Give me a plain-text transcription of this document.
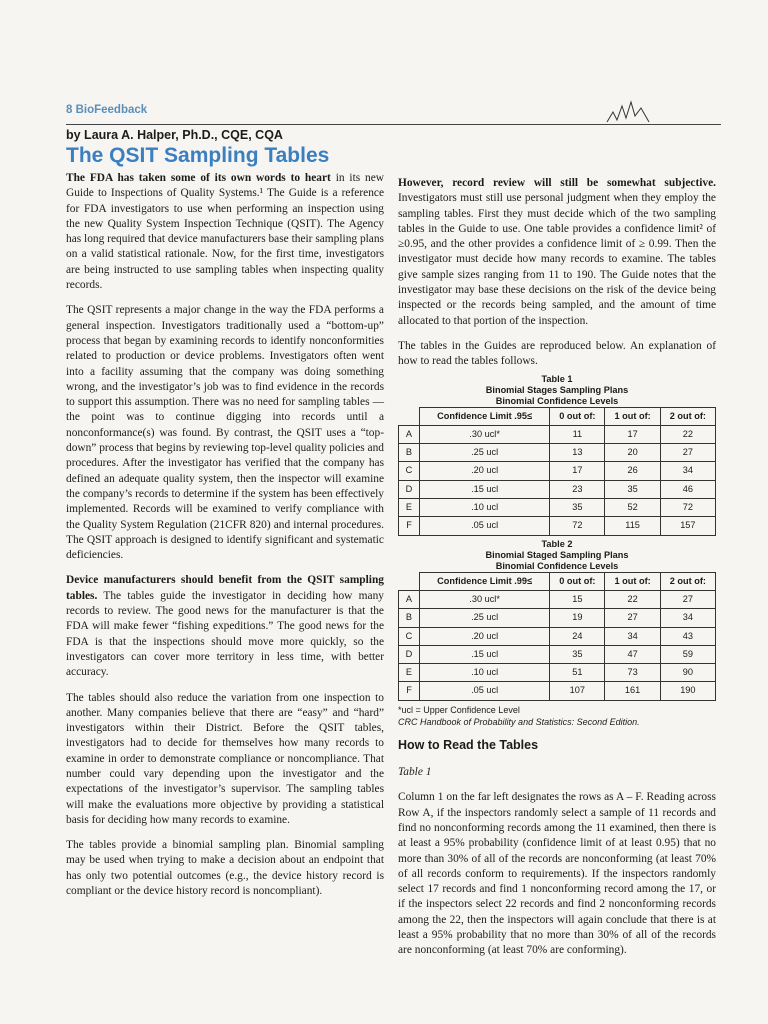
8 BioFeedback
by Laura A. Halper, Ph.D., CQE, CQA
The QSIT Sampling Tables

The FDA has taken some of its own words to heart in its new Guide to Inspections of Quality Systems.¹ The Guide is a reference for FDA investigators to use when performing an inspection using the new Quality System Inspection Technique (QSIT). The Agency has long required that device manufacturers base their sampling plans on a valid statistical rationale. Now, for the first time, investigators are being instructed to use sampling tables when inspecting quality records.

The QSIT represents a major change in the way the FDA performs a general inspection. Investigators traditionally used a “bottom-up” process that began by examining records to identify nonconformities related to production or device problems. Investigators often went into a facility assuming that the company was doing something wrong, and the investigator’s job was to find evidence in the records to support this assumption. There was no need for sampling tables — the point was to continue digging into records until a nonconformance(s) was found. By contrast, the QSIT uses a “top-down” process that begins by reviewing top-level quality policies and procedures. After the investigator has verified that the company has defined an adequate quality system, then the inspector will examine the company’s records to determine if the system has been effectively implemented. Records will be examined to verify compliance with the Quality System Regulation (21CFR 820) and internal procedures. The QSIT approach is designed to identify significant and systematic deficiencies.

Device manufacturers should benefit from the QSIT sampling tables. The tables guide the investigator in deciding how many records to review. The good news for the manufacturer is that the FDA will make fewer “fishing expeditions.” The good news for the FDA is that the inspections should move more quickly, so the investigators can cover more territory in less time, with better accuracy.

The tables should also reduce the variation from one inspection to another. Many companies believe that there are “easy” and “hard” investigators within their District. Before the QSIT tables, investigators had to decide for themselves how many records to examine in order to demonstrate compliance or noncompliance. That number could vary depending upon the investigator and the expectations of the investigator’s supervisor. The sampling tables will make the evaluations more objective by providing a statistical basis for deciding how many records to examine.

The tables provide a binomial sampling plan. Binomial sampling may be used when trying to make a decision about an endpoint that has only two potential outcomes (e.g., the device history record is compliant or the device history record is noncompliant).

However, record review will still be somewhat subjective. Investigators must still use personal judgment when they employ the sampling tables. First they must decide which of the two sampling tables in the Guide to use. One table provides a confidence limit² of ≥0.95, and the other provides a confidence limit of ≥ 0.99. Then the investigator must decide how many records to examine. The tables give sample sizes ranging from 11 to 190. The Guide notes that the investigator may base these decisions on the risk of the device being inspected or the records being sampled, and the amount of time allocated to that portion of the inspection.

The tables in the Guides are reproduced below. An explanation of how to read the tables follows.

Table 1
Binomial Stages Sampling Plans
Binomial Confidence Levels
	Confidence Limit .95≤	0 out of:	1 out of:	2 out of:
A	.30 ucl*	11	17	22
B	.25 ucl	13	20	27
C	.20 ucl	17	26	34
D	.15 ucl	23	35	46
E	.10 ucl	35	52	72
F	.05 ucl	72	115	157
Table 2
Binomial Staged Sampling Plans
Binomial Confidence Levels
	Confidence Limit .99≤	0 out of:	1 out of:	2 out of:
A	.30 ucl*	15	22	27
B	.25 ucl	19	27	34
C	.20 ucl	24	34	43
D	.15 ucl	35	47	59
E	.10 ucl	51	73	90
F	.05 ucl	107	161	190
*ucl = Upper Confidence Level
CRC Handbook of Probability and Statistics: Second Edition.
How to Read the Tables

Table 1

Column 1 on the far left designates the rows as A – F. Reading across Row A, if the inspectors randomly select a sample of 11 records and find no nonconforming records among the 11 examined, then there is at least a 95% probability (confidence limit of at least 0.95) that no more than 30% of all of the records are nonconforming (at least 70% of all records conform to requirements). If the inspectors randomly select 17 records and find 1 nonconforming record among the 17, or if the inspectors select 22 records and find 2 nonconforming records among the 22, then the inspectors will again conclude that there is at least a 95% probability that no more than 30% of all of the records are nonconforming (at least 70% are conforming).
